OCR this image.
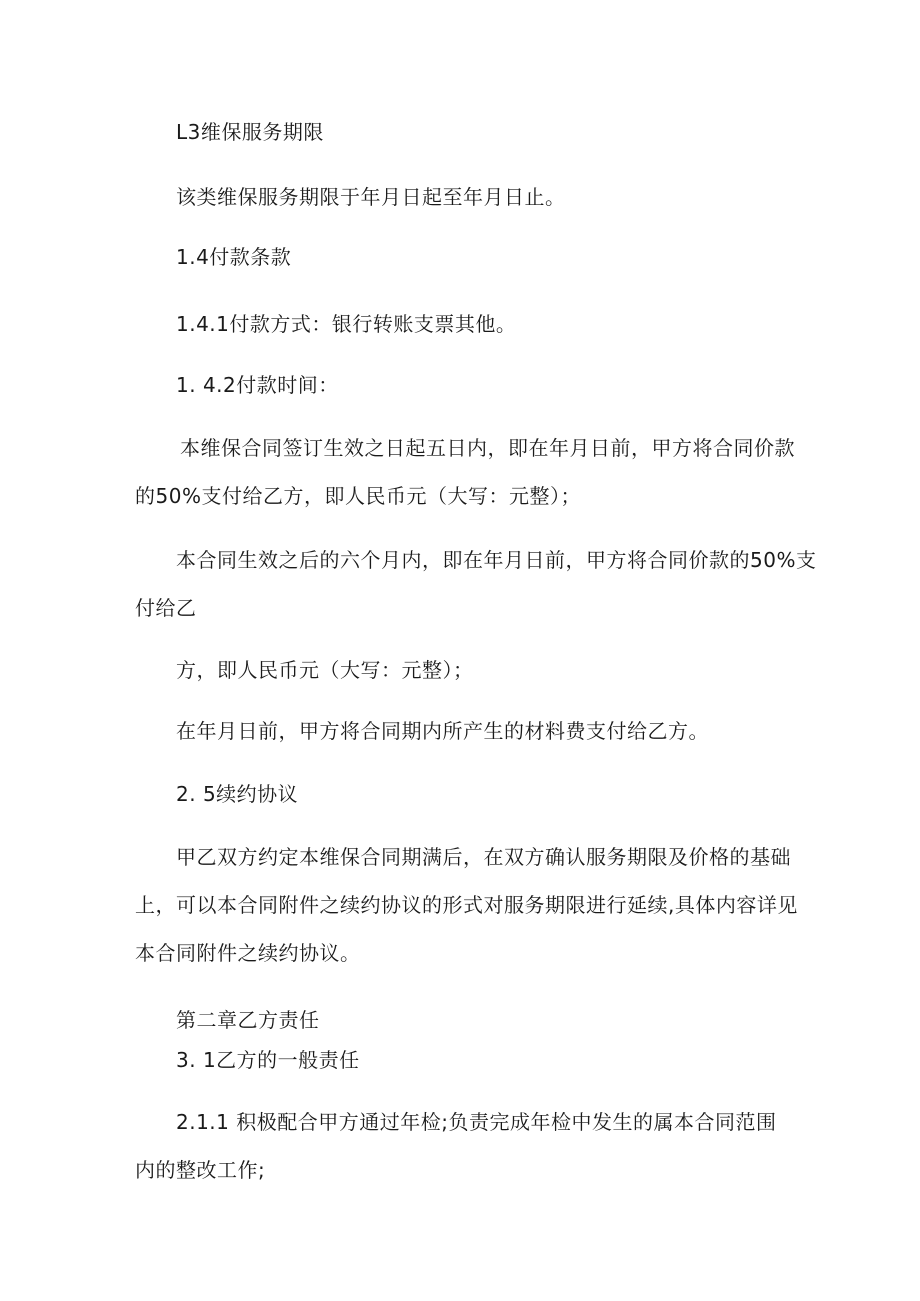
L3维保服务期限

该类维保服务期限于年月日起至年月日止。

1.4付款条款

1.4.1付款方式：银行转账支票其他。

1. 4.2付款时间：

本维保合同签订生效之日起五日内，即在年月日前，甲方将合同价款

的50%支付给乙方，即人民币元（大写：元整）；

本合同生效之后的六个月内，即在年月日前，甲方将合同价款的50%支

付给乙

方，即人民币元（大写：元整）；

在年月日前，甲方将合同期内所产生的材料费支付给乙方。

2. 5续约协议

甲乙双方约定本维保合同期满后，在双方确认服务期限及价格的基础

上，可以本合同附件之续约协议的形式对服务期限进行延续,具体内容详见

本合同附件之续约协议。

第二章乙方责任

3. 1乙方的一般责任

2.1.1 积极配合甲方通过年检;负责完成年检中发生的属本合同范围

内的整改工作;
